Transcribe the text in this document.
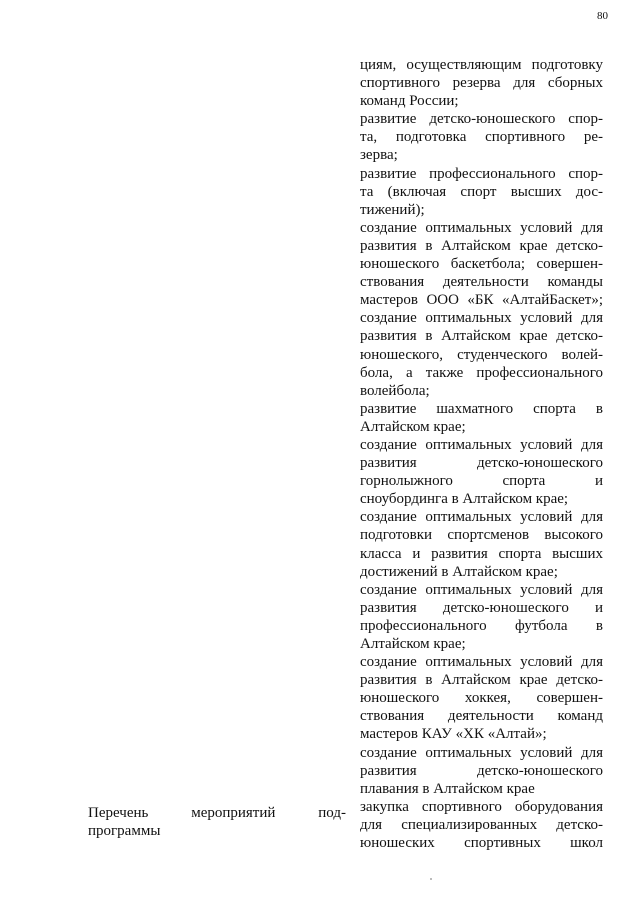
80
циям, осуществляющим подготовку
спортивного резерва для сборных
команд России;
развитие детско-юношеского спор-
та, подготовка спортивного ре-
зерва;
развитие профессионального спор-
та (включая спорт высших дос-
тижений);
создание оптимальных условий для
развития в Алтайском крае детско-
юношеского баскетбола; совершен-
ствования деятельности команды
мастеров ООО «БК «АлтайБаскет»;
создание оптимальных условий для
развития в Алтайском крае детско-
юношеского, студенческого волей-
бола, а также профессионального
волейбола;
развитие шахматного спорта в
Алтайском крае;
создание оптимальных условий для
развития детско-юношеского
горнолыжного спорта и
сноубординга в Алтайском крае;
создание оптимальных условий для
подготовки спортсменов высокого
класса и развития спорта высших
достижений в Алтайском крае;
создание оптимальных условий для
развития детско-юношеского и
профессионального футбола в
Алтайском крае;
создание оптимальных условий для
развития в Алтайском крае детско-
юношеского хоккея, совершен-
ствования деятельности команд
мастеров КАУ «ХК «Алтай»;
создание оптимальных условий для
развития детско-юношеского
плавания в Алтайском крае
закупка спортивного оборудования
для специализированных детско-
юношеских спортивных школ
Перечень мероприятий под-
программы
